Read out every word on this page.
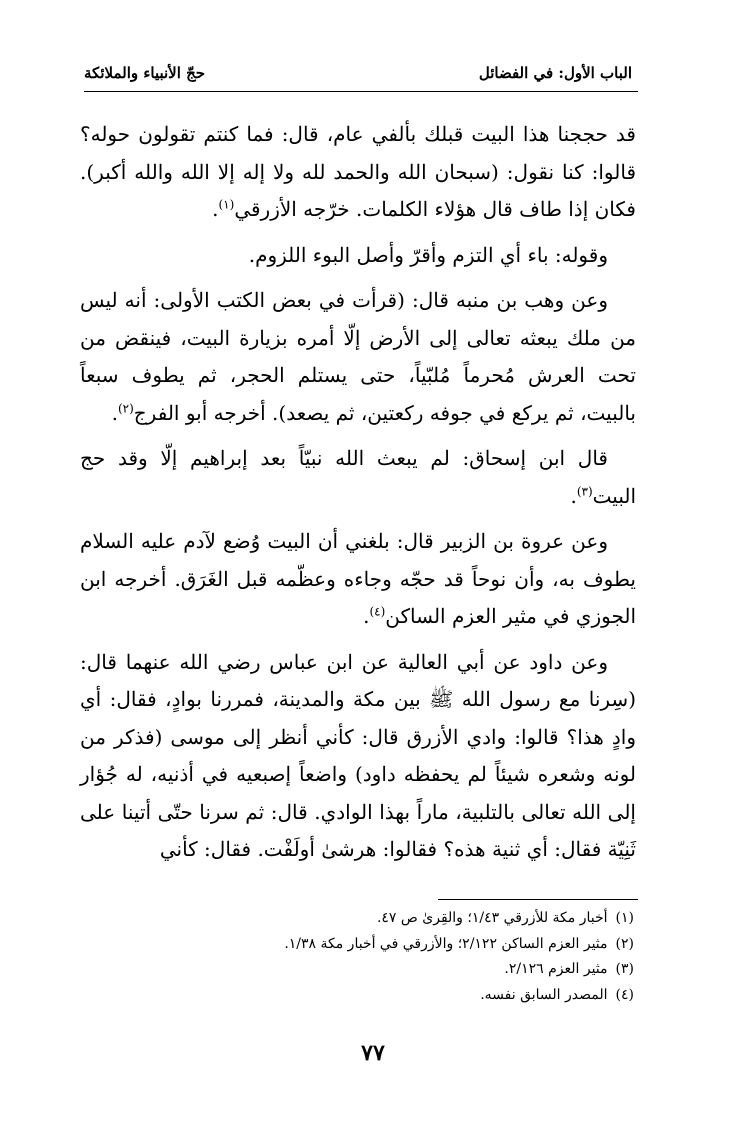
الباب الأول: في الفضائل
حجّ الأنبياء والملائكة

قد حججنا هذا البيت قبلك بألفي عام، قال: فما كنتم تقولون حوله؟ قالوا: كنا نقول: (سبحان الله والحمد لله ولا إله إلا الله والله أكبر). فكان إذا طاف قال هؤلاء الكلمات. خرّجه الأزرقي$^{(١)}$.

وقوله: باء أي التزم وأقرّ وأصل البوء اللزوم.

وعن وهب بن منبه قال: (قرأت في بعض الكتب الأولى: أنه ليس من ملك يبعثه تعالى إلى الأرض إلّا أمره بزيارة البيت، فينقض من تحت العرش مُحرماً مُلبّياً، حتى يستلم الحجر، ثم يطوف سبعاً بالبيت، ثم يركع في جوفه ركعتين، ثم يصعد). أخرجه أبو الفرج$^{(٢)}$.

قال ابن إسحاق: لم يبعث الله نبيّاً بعد إبراهيم إلّا وقد حج البيت$^{(٣)}$.

وعن عروة بن الزبير قال: بلغني أن البيت وُضع لآدم عليه السلام يطوف به، وأن نوحاً قد حجّه وجاءه وعظّمه قبل الغَرَق. أخرجه ابن الجوزي في مثير العزم الساكن$^{(٤)}$.

وعن داود عن أبي العالية عن ابن عباس رضي الله عنهما قال: (سِرنا مع رسول الله ﷺ بين مكة والمدينة، فمررنا بوادٍ، فقال: أي وادٍ هذا؟ قالوا: وادي الأزرق قال: كأني أنظر إلى موسى (فذكر من لونه وشعره شيئاً لم يحفظه داود) واضعاً إصبعيه في أذنيه، له جُؤار إلى الله تعالى بالتلبية، ماراً بهذا الوادي. قال: ثم سرنا حتّى أتينا على ثَنِيّة فقال: أي ثنية هذه؟ فقالوا: هرشىٰ أولَفْت. فقال: كأني

(١)
أخبار مكة للأزرقي ١/٤٣؛ والقِرىٰ ص ٤٧.
(٢)
مثير العزم الساكن ٢/١٢٢؛ والأزرقي في أخبار مكة ١/٣٨.
(٣)
مثير العزم ٢/١٢٦.
(٤)
المصدر السابق نفسه.
٧٧
